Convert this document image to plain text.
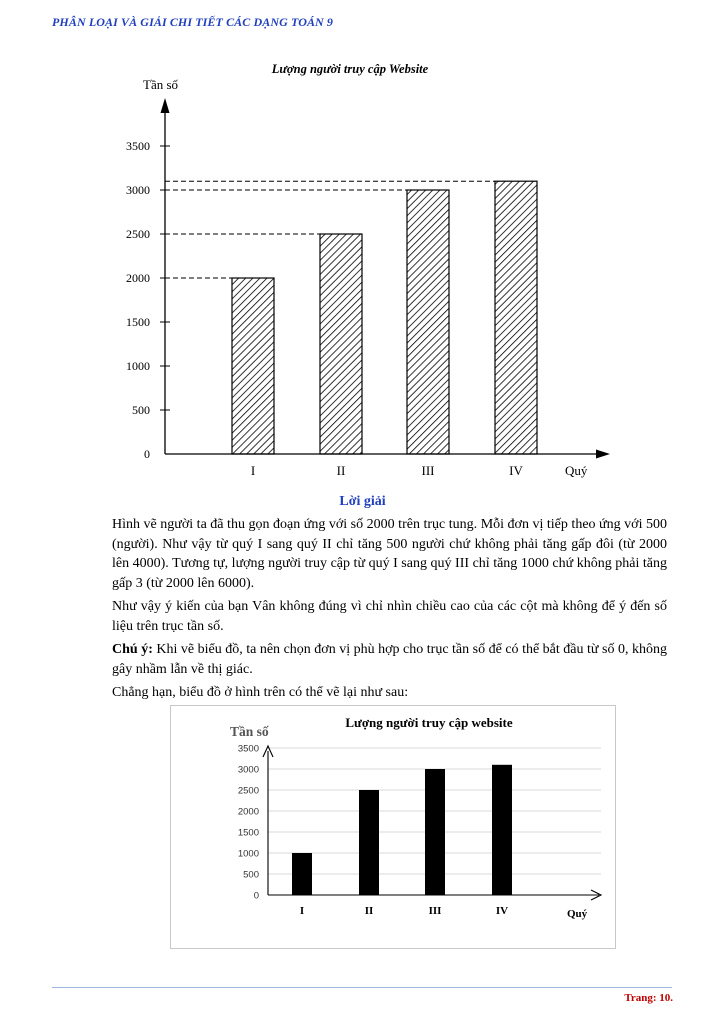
PHÂN LOẠI VÀ GIẢI CHI TIẾT CÁC DẠNG TOÁN 9
Lượng người truy cập Website
Tần số
Quý
0
500
1000
1500
2000
2500
3000
3500
I	II	III	IV
Lời giải

Hình vẽ người ta đã thu gọn đoạn ứng với số 2000 trên trục tung. Mỗi đơn vị tiếp theo ứng với 500 (người). Như vậy từ quý I sang quý II chỉ tăng 500 người chứ không phải tăng gấp đôi (từ 2000 lên 4000). Tương tự, lượng người truy cập từ quý I sang quý III chỉ tăng 1000 chứ không phải tăng gấp 3 (từ 2000 lên 6000).

Như vậy ý kiến của bạn Vân không đúng vì chỉ nhìn chiều cao của các cột mà không để ý đến số liệu trên trục tần số.

Chú ý: Khi vẽ biểu đồ, ta nên chọn đơn vị phù hợp cho trục tần số để có thể bắt đầu từ số 0, không gây nhầm lẫn về thị giác.

Chẳng hạn, biểu đồ ở hình trên có thể vẽ lại như sau:

Lượng người truy cập website
Tần số
Quý
0
500
1000
1500
2000
2500
3000
3500
I	II	III	IV
Trang: 10.
